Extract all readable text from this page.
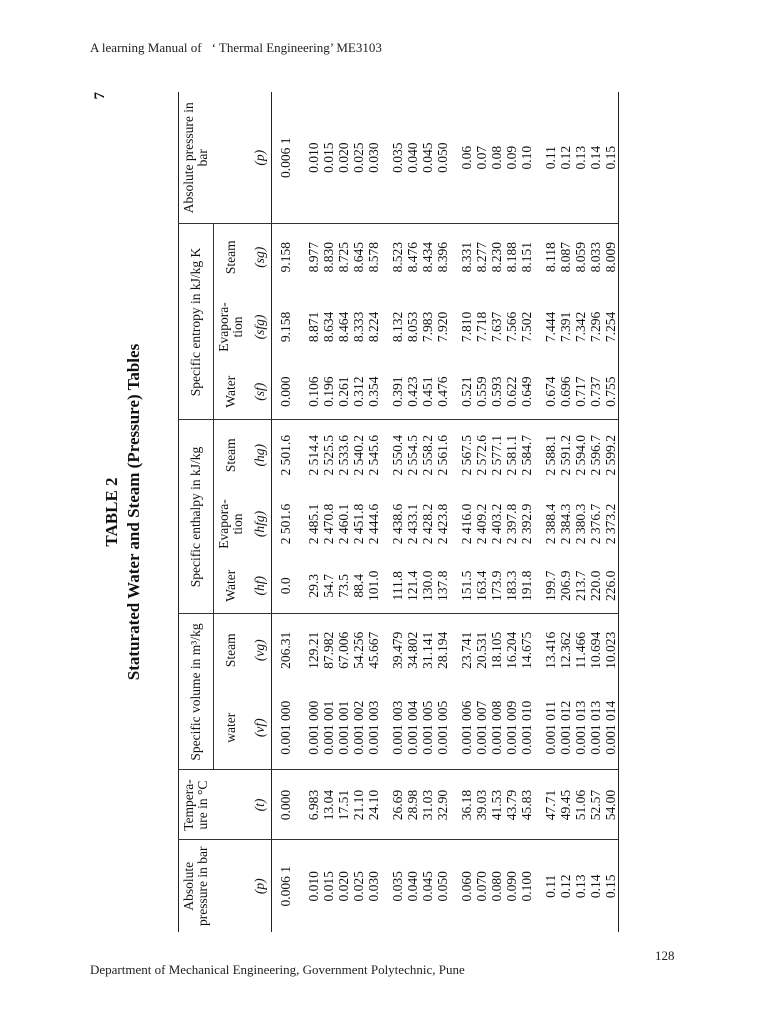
A learning Manual of ‘ Thermal Engineering’ ME3103
7
TABLE 2 Staturated Water and Steam (Pressure) Tables
Absolute pressure in bar	Tempera-ure in °C	Specific volume in m³/kg		Specific enthalpy in kJ/kg			Specific entropy in kJ/kg K			Absolute pressure in bar
		water	Steam	Water	Evapora-tion	Steam	Water	Evapora-tion	Steam	
(p)	(t)	(vf)	(vg)	(hf)	(hfg)	(hg)	(sf)	(sfg)	(sg)	(p)
0.006 1	0.000	0.001 000	206.31	0.0	2 501.6	2 501.6	0.000	9.158	9.158	0.006 1
0.010	6.983	0.001 000	129.21	29.3	2 485.1	2 514.4	0.106	8.871	8.977	0.010
0.015	13.04	0.001 001	87.982	54.7	2 470.8	2 525.5	0.196	8.634	8.830	0.015
0.020	17.51	0.001 001	67.006	73.5	2 460.1	2 533.6	0.261	8.464	8.725	0.020
0.025	21.10	0.001 002	54.256	88.4	2 451.8	2 540.2	0.312	8.333	8.645	0.025
0.030	24.10	0.001 003	45.667	101.0	2 444.6	2 545.6	0.354	8.224	8.578	0.030
0.035	26.69	0.001 003	39.479	111.8	2 438.6	2 550.4	0.391	8.132	8.523	0.035
0.040	28.98	0.001 004	34.802	121.4	2 433.1	2 554.5	0.423	8.053	8.476	0.040
0.045	31.03	0.001 005	31.141	130.0	2 428.2	2 558.2	0.451	7.983	8.434	0.045
0.050	32.90	0.001 005	28.194	137.8	2 423.8	2 561.6	0.476	7.920	8.396	0.050
0.060	36.18	0.001 006	23.741	151.5	2 416.0	2 567.5	0.521	7.810	8.331	0.06
0.070	39.03	0.001 007	20.531	163.4	2 409.2	2 572.6	0.559	7.718	8.277	0.07
0.080	41.53	0.001 008	18.105	173.9	2 403.2	2 577.1	0.593	7.637	8.230	0.08
0.090	43.79	0.001 009	16.204	183.3	2 397.8	2 581.1	0.622	7.566	8.188	0.09
0.100	45.83	0.001 010	14.675	191.8	2 392.9	2 584.7	0.649	7.502	8.151	0.10
0.11	47.71	0.001 011	13.416	199.7	2 388.4	2 588.1	0.674	7.444	8.118	0.11
0.12	49.45	0.001 012	12.362	206.9	2 384.3	2 591.2	0.696	7.391	8.087	0.12
0.13	51.06	0.001 013	11.466	213.7	2 380.3	2 594.0	0.717	7.342	8.059	0.13
0.14	52.57	0.001 013	10.694	220.0	2 376.7	2 596.7	0.737	7.296	8.033	0.14
0.15	54.00	0.001 014	10.023	226.0	2 373.2	2 599.2	0.755	7.254	8.009	0.15
128
Department of Mechanical Engineering, Government Polytechnic, Pune
